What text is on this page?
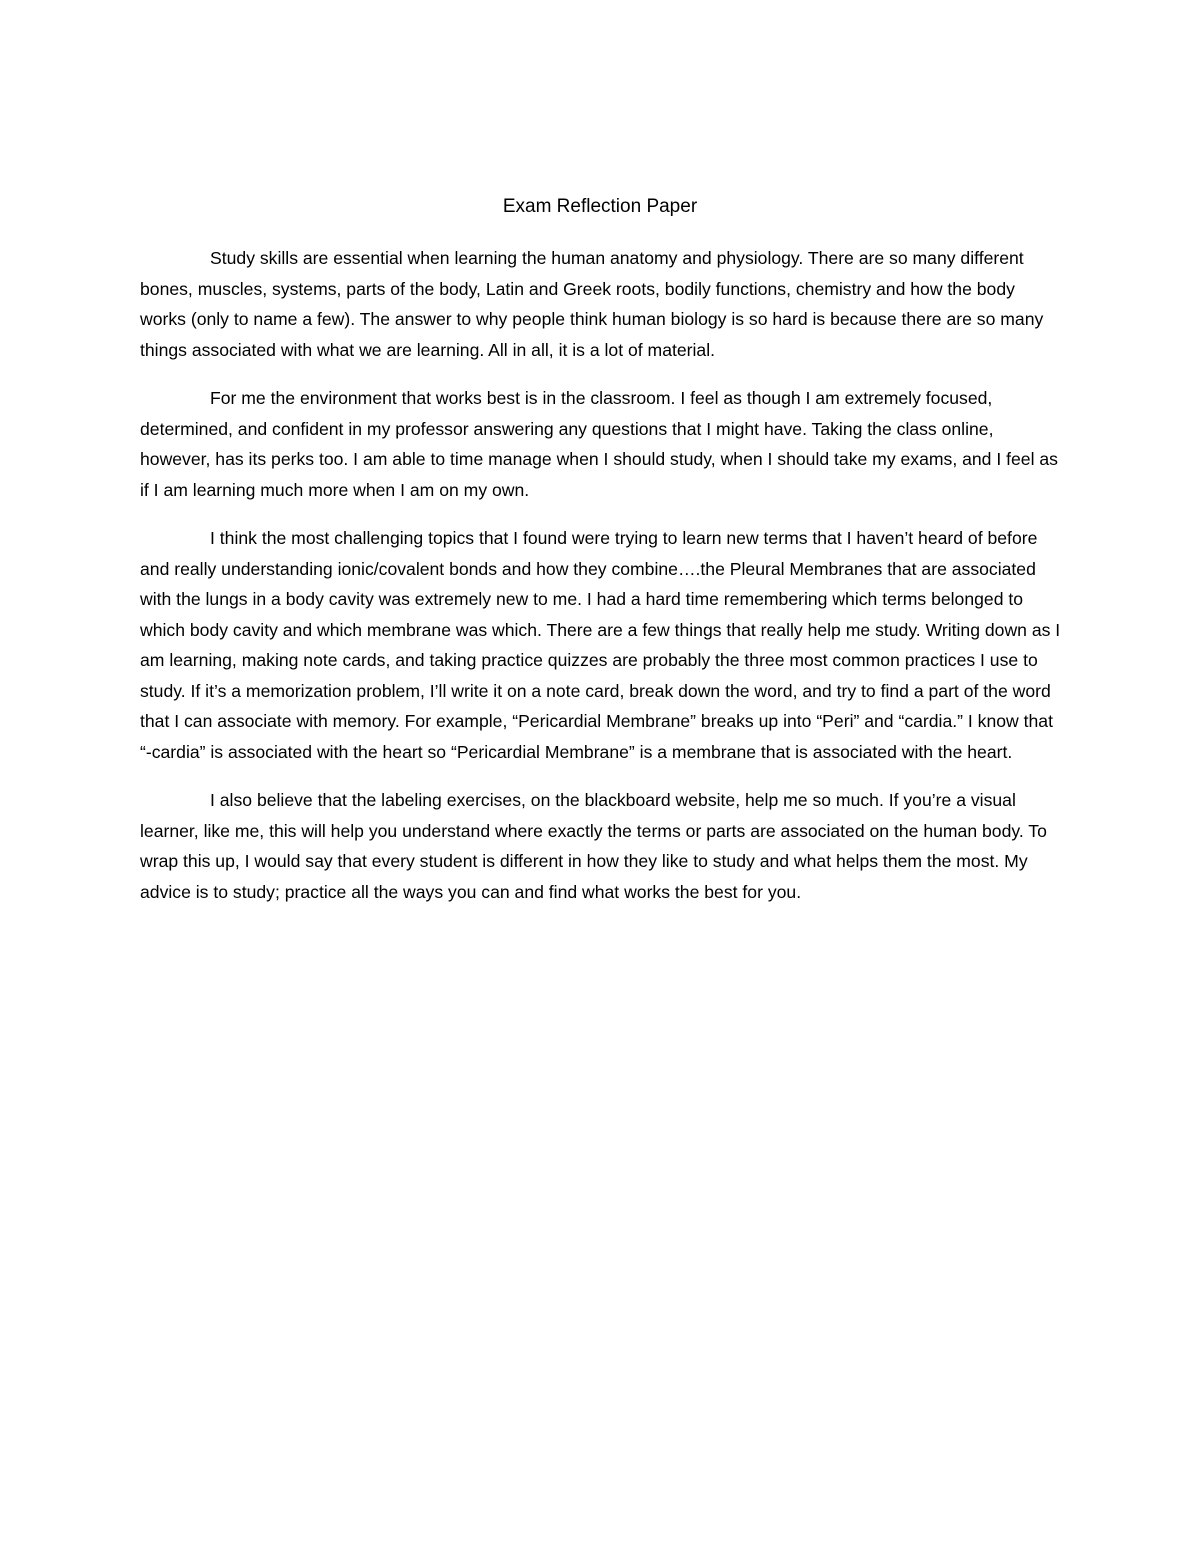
Exam Reflection Paper

Study skills are essential when learning the human anatomy and physiology. There are so many different bones, muscles, systems, parts of the body, Latin and Greek roots, bodily functions, chemistry and how the body works (only to name a few). The answer to why people think human biology is so hard is because there are so many things associated with what we are learning. All in all, it is a lot of material.

For me the environment that works best is in the classroom. I feel as though I am extremely focused, determined, and confident in my professor answering any questions that I might have. Taking the class online, however, has its perks too. I am able to time manage when I should study, when I should take my exams, and I feel as if I am learning much more when I am on my own.

I think the most challenging topics that I found were trying to learn new terms that I haven’t heard of before and really understanding ionic/covalent bonds and how they combine….the Pleural Membranes that are associated with the lungs in a body cavity was extremely new to me. I had a hard time remembering which terms belonged to which body cavity and which membrane was which. There are a few things that really help me study. Writing down as I am learning, making note cards, and taking practice quizzes are probably the three most common practices I use to study. If it’s a memorization problem, I’ll write it on a note card, break down the word, and try to find a part of the word that I can associate with memory. For example, “Pericardial Membrane” breaks up into “Peri” and “cardia.” I know that “-cardia” is associated with the heart so “Pericardial Membrane” is a membrane that is associated with the heart.

I also believe that the labeling exercises, on the blackboard website, help me so much. If you’re a visual learner, like me, this will help you understand where exactly the terms or parts are associated on the human body. To wrap this up, I would say that every student is different in how they like to study and what helps them the most. My advice is to study; practice all the ways you can and find what works the best for you.
